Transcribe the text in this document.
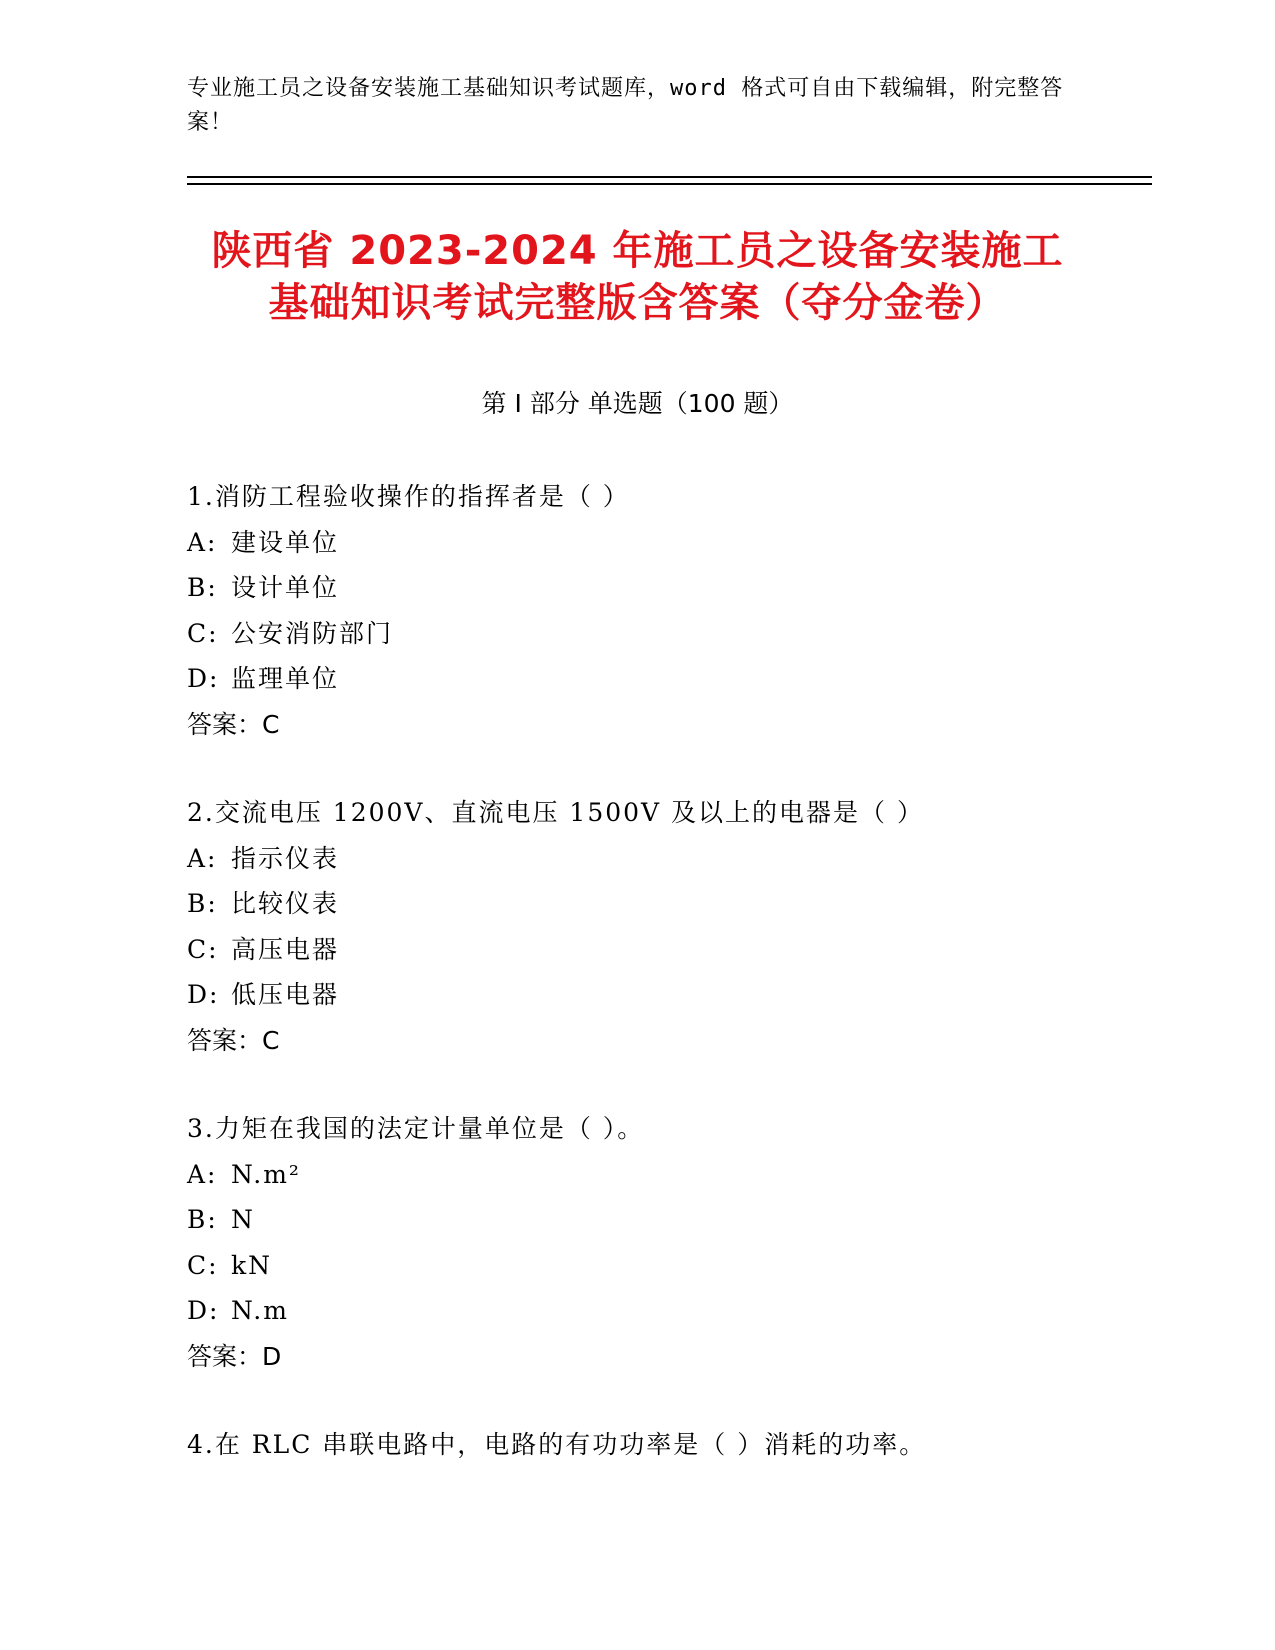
专业施工员之设备安装施工基础知识考试题库，word 格式可自由下载编辑，附完整答案！
陕西省 2023-2024 年施工员之设备安装施工
基础知识考试完整版含答案（夺分金卷）
第 I 部分 单选题（100 题）
1.消防工程验收操作的指挥者是（ ）
A: 建设单位
B: 设计单位
C: 公安消防部门
D: 监理单位
答案：C
2.交流电压 1200V、直流电压 1500V 及以上的电器是（ ）
A: 指示仪表
B: 比较仪表
C: 高压电器
D: 低压电器
答案：C
3.力矩在我国的法定计量单位是（ ）。
A: N.m²
B: N
C: kN
D: N.m
答案：D
4.在 RLC 串联电路中，电路的有功功率是（ ）消耗的功率。
